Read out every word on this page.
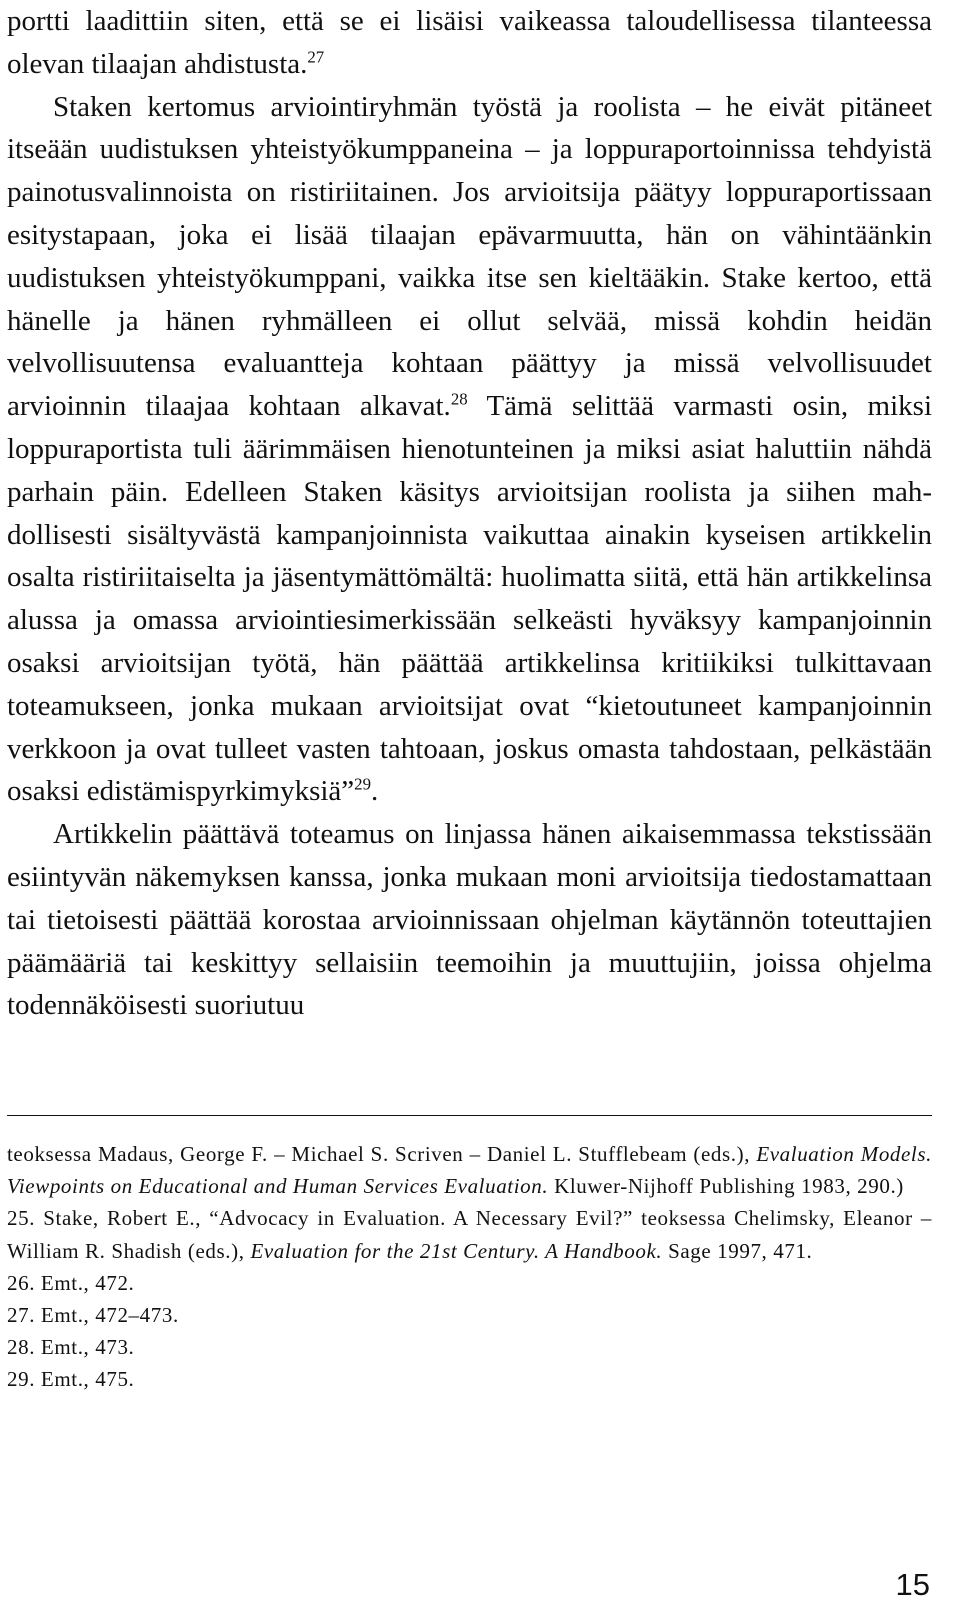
portti laadittiin siten, että se ei lisäisi vaikeassa taloudellisessa tilanteessa olevan tilaajan ahdistusta.$^{27}$

Staken kertomus arviointiryhmän työstä ja roolista – he eivät pitäneet itseään uudistuksen yhteistyökumppaneina – ja loppuraportoinnissa tehdyistä painotusvalinnoista on ristiriitainen. Jos arvioitsija päätyy loppuraportissaan esitystapaan, joka ei lisää tilaajan epävarmuutta, hän on vähintäänkin uudistuksen yhteistyökumppani, vaikka itse sen kieltääkin. Stake kertoo, että hänelle ja hänen ryhmälleen ei ollut selvää, missä kohdin heidän velvollisuutensa evaluantteja kohtaan päättyy ja missä velvollisuudet arvioinnin tilaajaa kohtaan alkavat.$^{28}$ Tämä selittää varmasti osin, miksi loppuraportista tuli äärimmäisen hienotunteinen ja miksi asiat haluttiin nähdä parhain päin. Edelleen Staken käsitys arvioitsijan roolista ja siihen mahdollisesti sisältyvästä kampanjoinnista vaikuttaa ainakin kyseisen artikkelin osalta ristiriitaiselta ja jäsentymättömältä: huolimatta siitä, että hän artikkelinsa alussa ja omassa arviointiesimerkissään selkeästi hyväksyy kampanjoinnin osaksi arvioitsijan työtä, hän päättää artikkelinsa kritiikiksi tulkittavaan toteamukseen, jonka mukaan arvioitsijat ovat “kietoutuneet kampanjoinnin verkkoon ja ovat tulleet vasten tahtoaan, joskus omasta tahdostaan, pelkästään osaksi edistämispyrkimyksiä”$^{29}$.

Artikkelin päättävä toteamus on linjassa hänen aikaisemmassa tekstissään esiintyvän näkemyksen kanssa, jonka mukaan moni arvioitsija tiedostamattaan tai tietoisesti päättää korostaa arvioinnissaan ohjelman käytännön toteuttajien päämääriä tai keskittyy sellaisiin teemoihin ja muuttujiin, joissa ohjelma todennäköisesti suoriutuu

teoksessa Madaus, George F. – Michael S. Scriven – Daniel L. Stufflebeam (eds.), Evaluation Models. Viewpoints on Educational and Human Services Evaluation. Kluwer-Nijhoff Publishing 1983, 290.)

25. Stake, Robert E., “Advocacy in Evaluation. A Necessary Evil?” teoksessa Chelimsky, Eleanor – William R. Shadish (eds.), Evaluation for the 21st Century. A Handbook. Sage 1997, 471.

26. Emt., 472.

27. Emt., 472–473.

28. Emt., 473.

29. Emt., 475.

15
